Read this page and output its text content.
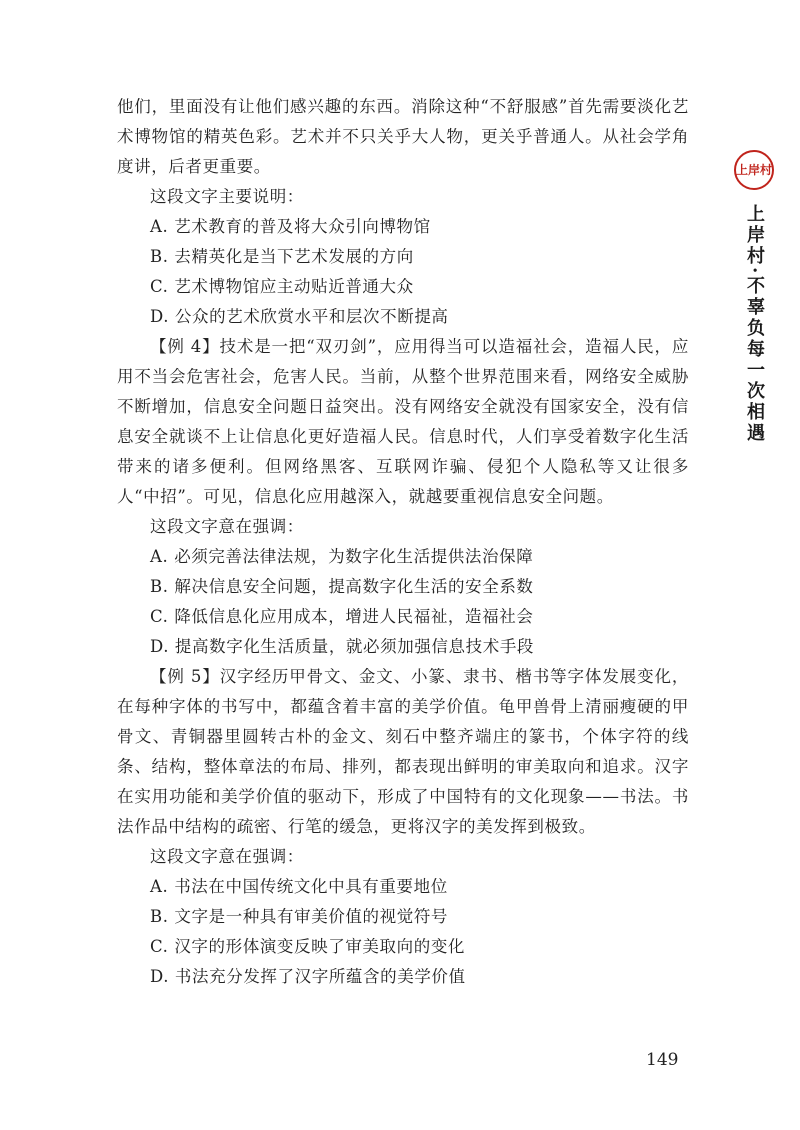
他们，里面没有让他们感兴趣的东西。消除这种“不舒服感”首先需要淡化艺术博物馆的精英色彩。艺术并不只关乎大人物，更关乎普通人。从社会学角度讲，后者更重要。

这段文字主要说明：

A. 艺术教育的普及将大众引向博物馆

B. 去精英化是当下艺术发展的方向

C. 艺术博物馆应主动贴近普通大众

D. 公众的艺术欣赏水平和层次不断提高

【例 4】技术是一把“双刃剑”，应用得当可以造福社会，造福人民，应用不当会危害社会，危害人民。当前，从整个世界范围来看，网络安全威胁不断增加，信息安全问题日益突出。没有网络安全就没有国家安全，没有信息安全就谈不上让信息化更好造福人民。信息时代，人们享受着数字化生活带来的诸多便利。但网络黑客、互联网诈骗、侵犯个人隐私等又让很多人“中招”。可见，信息化应用越深入，就越要重视信息安全问题。

这段文字意在强调：

A. 必须完善法律法规，为数字化生活提供法治保障

B. 解决信息安全问题，提高数字化生活的安全系数

C. 降低信息化应用成本，增进人民福祉，造福社会

D. 提高数字化生活质量，就必须加强信息技术手段

【例 5】汉字经历甲骨文、金文、小篆、隶书、楷书等字体发展变化，在每种字体的书写中，都蕴含着丰富的美学价值。龟甲兽骨上清丽瘦硬的甲骨文、青铜器里圆转古朴的金文、刻石中整齐端庄的篆书，个体字符的线条、结构，整体章法的布局、排列，都表现出鲜明的审美取向和追求。汉字在实用功能和美学价值的驱动下，形成了中国特有的文化现象——书法。书法作品中结构的疏密、行笔的缓急，更将汉字的美发挥到极致。

这段文字意在强调：

A. 书法在中国传统文化中具有重要地位

B. 文字是一种具有审美价值的视觉符号

C. 汉字的形体演变反映了审美取向的变化

D. 书法充分发挥了汉字所蕴含的美学价值

上岸村
上岸村·不辜负每一次相遇
149
